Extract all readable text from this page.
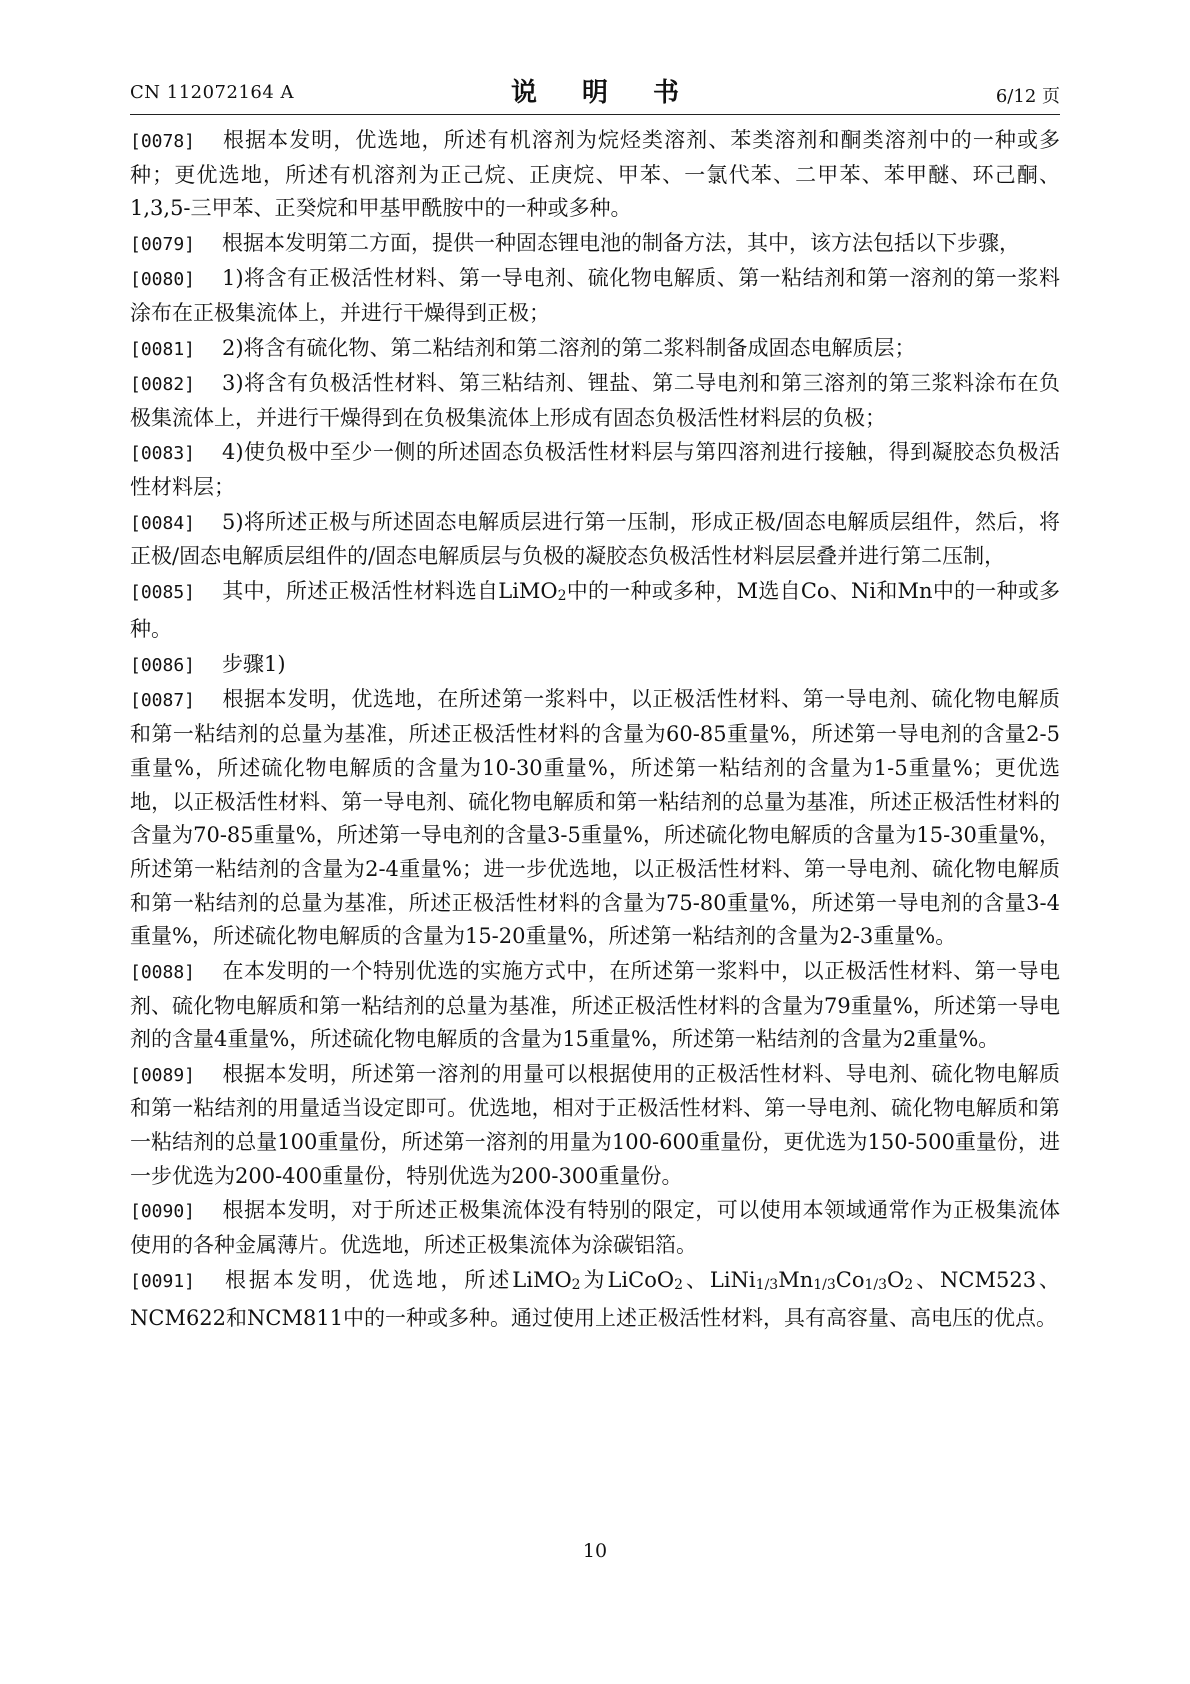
CN 112072164 A	说 明 书	6/12 页

[0078] 根据本发明，优选地，所述有机溶剂为烷烃类溶剂、苯类溶剂和酮类溶剂中的一种或多种；更优选地，所述有机溶剂为正己烷、正庚烷、甲苯、一氯代苯、二甲苯、苯甲醚、环己酮、1,3,5-三甲苯、正癸烷和甲基甲酰胺中的一种或多种。

[0079] 根据本发明第二方面，提供一种固态锂电池的制备方法，其中，该方法包括以下步骤，

[0080] 1)将含有正极活性材料、第一导电剂、硫化物电解质、第一粘结剂和第一溶剂的第一浆料涂布在正极集流体上，并进行干燥得到正极；

[0081] 2)将含有硫化物、第二粘结剂和第二溶剂的第二浆料制备成固态电解质层；

[0082] 3)将含有负极活性材料、第三粘结剂、锂盐、第二导电剂和第三溶剂的第三浆料涂布在负极集流体上，并进行干燥得到在负极集流体上形成有固态负极活性材料层的负极；

[0083] 4)使负极中至少一侧的所述固态负极活性材料层与第四溶剂进行接触，得到凝胶态负极活性材料层；

[0084] 5)将所述正极与所述固态电解质层进行第一压制，形成正极/固态电解质层组件，然后，将正极/固态电解质层组件的/固态电解质层与负极的凝胶态负极活性材料层层叠并进行第二压制，

[0085] 其中，所述正极活性材料选自LiMO2中的一种或多种，M选自Co、Ni和Mn中的一种或多种。

[0086] 步骤1)

[0087] 根据本发明，优选地，在所述第一浆料中，以正极活性材料、第一导电剂、硫化物电解质和第一粘结剂的总量为基准，所述正极活性材料的含量为60-85重量%，所述第一导电剂的含量2-5重量%，所述硫化物电解质的含量为10-30重量%，所述第一粘结剂的含量为1-5重量%；更优选地，以正极活性材料、第一导电剂、硫化物电解质和第一粘结剂的总量为基准，所述正极活性材料的含量为70-85重量%，所述第一导电剂的含量3-5重量%，所述硫化物电解质的含量为15-30重量%，所述第一粘结剂的含量为2-4重量%；进一步优选地，以正极活性材料、第一导电剂、硫化物电解质和第一粘结剂的总量为基准，所述正极活性材料的含量为75-80重量%，所述第一导电剂的含量3-4重量%，所述硫化物电解质的含量为15-20重量%，所述第一粘结剂的含量为2-3重量%。

[0088] 在本发明的一个特别优选的实施方式中，在所述第一浆料中，以正极活性材料、第一导电剂、硫化物电解质和第一粘结剂的总量为基准，所述正极活性材料的含量为79重量%，所述第一导电剂的含量4重量%，所述硫化物电解质的含量为15重量%，所述第一粘结剂的含量为2重量%。

[0089] 根据本发明，所述第一溶剂的用量可以根据使用的正极活性材料、导电剂、硫化物电解质和第一粘结剂的用量适当设定即可。优选地，相对于正极活性材料、第一导电剂、硫化物电解质和第一粘结剂的总量100重量份，所述第一溶剂的用量为100-600重量份，更优选为150-500重量份，进一步优选为200-400重量份，特别优选为200-300重量份。

[0090] 根据本发明，对于所述正极集流体没有特别的限定，可以使用本领域通常作为正极集流体使用的各种金属薄片。优选地，所述正极集流体为涂碳铝箔。

[0091] 根据本发明，优选地，所述LiMO2为LiCoO2、LiNi1/3Mn1/3Co1/3O2、NCM523、NCM622和NCM811中的一种或多种。通过使用上述正极活性材料，具有高容量、高电压的优点。

10
